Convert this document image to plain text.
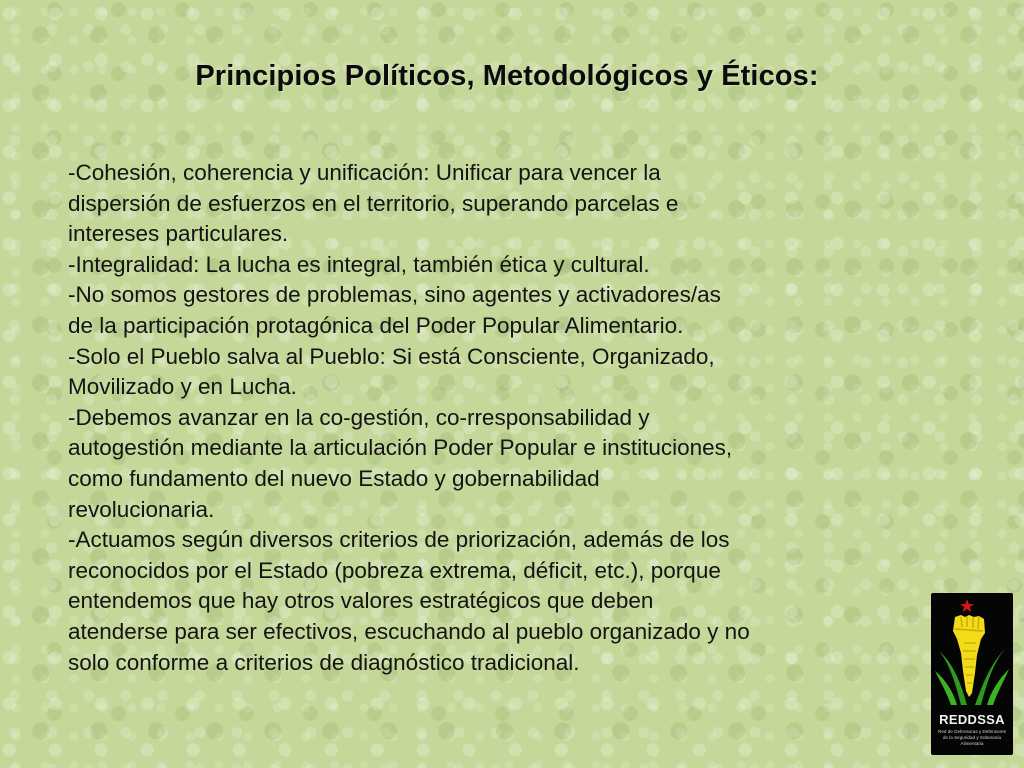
Principios Políticos, Metodológicos y Éticos:
-Cohesión, coherencia y unificación: Unificar para vencer la
dispersión de esfuerzos en el territorio, superando parcelas e
intereses particulares.
-Integralidad: La lucha es integral, también ética y cultural.
-No somos gestores de problemas, sino agentes y activadores/as
de la participación protagónica del Poder Popular Alimentario.
-Solo el Pueblo salva al Pueblo: Si está Consciente, Organizado,
Movilizado y en Lucha.
-Debemos avanzar en la co-gestión, co-rresponsabilidad y
autogestión mediante la articulación Poder Popular e instituciones,
como fundamento del nuevo Estado y gobernabilidad
revolucionaria.
-Actuamos según diversos criterios de priorización, además de los
reconocidos por el Estado (pobreza extrema, déficit, etc.), porque
entendemos que hay otros valores estratégicos que deben
atenderse para ser efectivos, escuchando al pueblo organizado y no
solo conforme a criterios de diagnóstico tradicional.
REDDSSA
Red de Defensoras y Defensores de la Seguridad y Soberanía Alimentaria
